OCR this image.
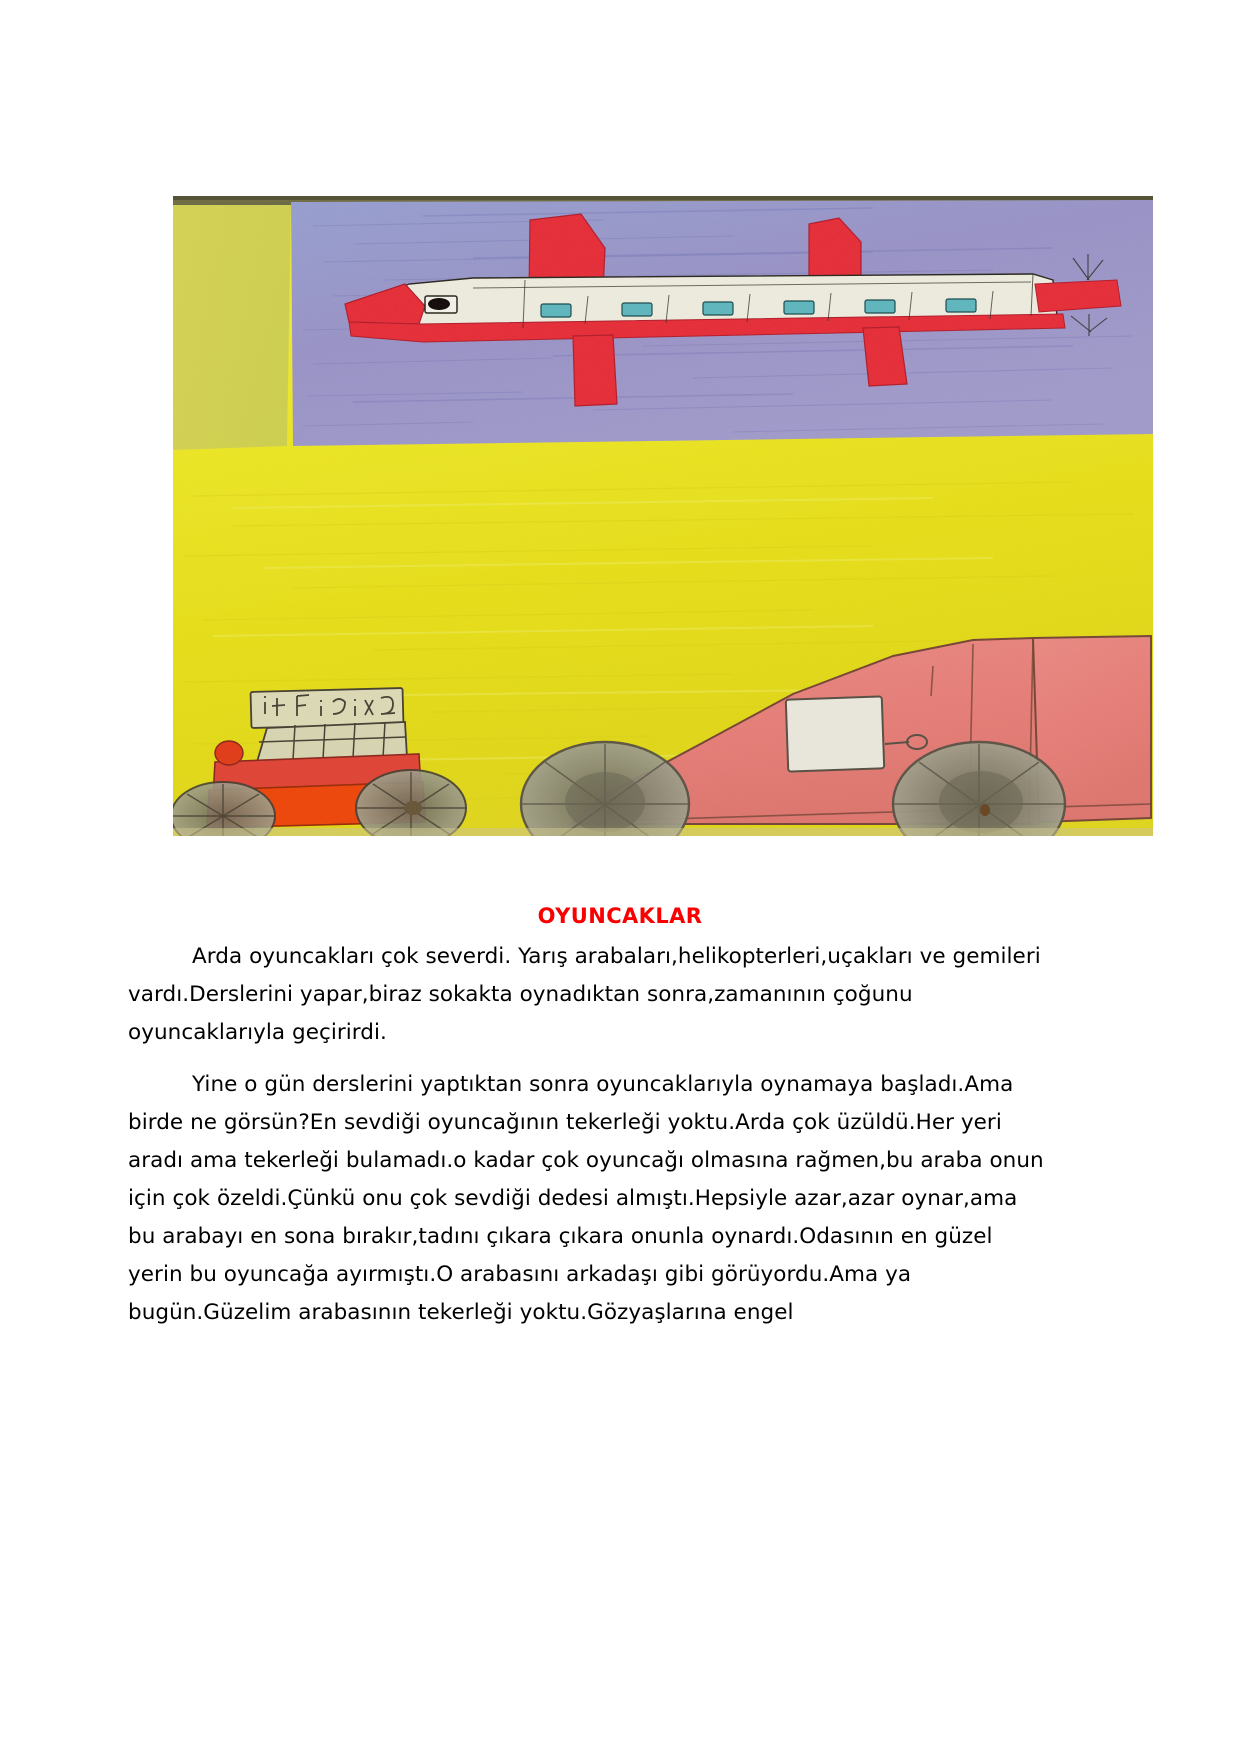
OYUNCAKLAR

Arda oyuncakları çok severdi. Yarış arabaları,helikopterleri,uçakları ve gemileri vardı.Derslerini yapar,biraz sokakta oynadıktan sonra,zamanının çoğunu oyuncaklarıyla geçirirdi.

Yine o gün derslerini yaptıktan sonra oyuncaklarıyla oynamaya başladı.Ama birde ne görsün?En sevdiği oyuncağının tekerleği yoktu.Arda çok üzüldü.Her yeri aradı ama tekerleği bulamadı.o kadar çok oyuncağı olmasına rağmen,bu araba onun için çok özeldi.Çünkü onu çok sevdiği dedesi almıştı.Hepsiyle azar,azar oynar,ama bu arabayı en sona bırakır,tadını çıkara çıkara onunla oynardı.Odasının en güzel yerin bu oyuncağa ayırmıştı.O arabasını arkadaşı gibi görüyordu.Ama ya bugün.Güzelim arabasının tekerleği yoktu.Gözyaşlarına engel
